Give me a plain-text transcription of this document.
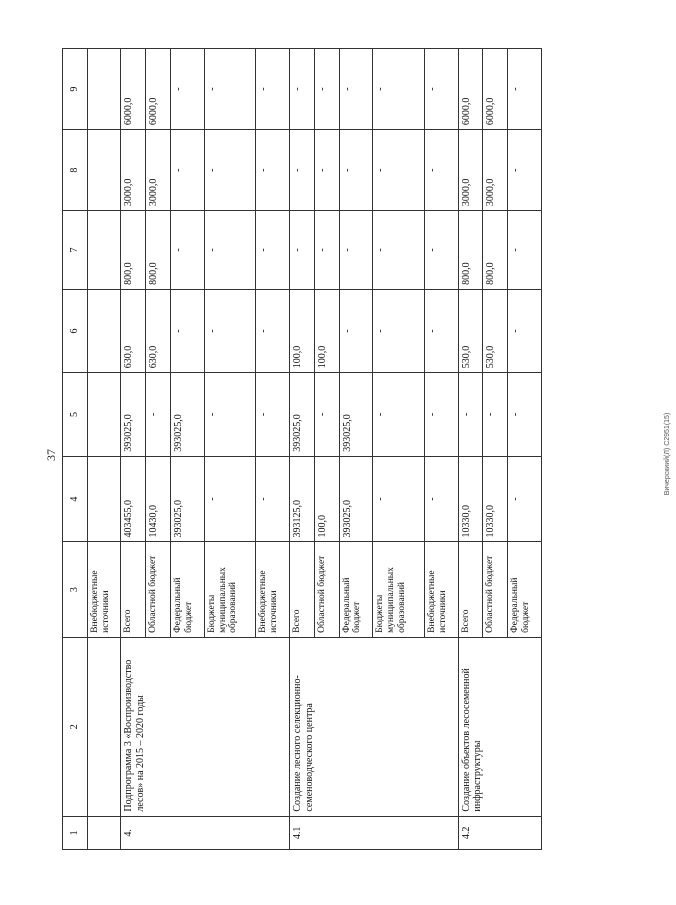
37	Вичерскиий(Л) С2951(15)
1	2	3	4	5	6	7	8	9
		Внебюджетные источники						
4.	Подпрограмма 3 «Воспроизводство лесов» на 2015 – 2020 годы	Всего	403455,0	393025,0	630,0	800,0	3000,0	6000,0
		Областной бюджет	10430,0	-	630,0	800,0	3000,0	6000,0
		Федеральный бюджет	393025,0	393025,0	-	-	-	-
		Бюджеты муниципальных образований	-	-	-	-	-	-
		Внебюджетные источники	-	-	-	-	-	-
4.1	Создание лесного селекционно-семеноводческого центра	Всего	393125,0	393025,0	100,0	-	-	-
		Областной бюджет	100,0	-	100,0	-	-	-
		Федеральный бюджет	393025,0	393025,0	-	-	-	-
		Бюджеты муниципальных образований	-	-	-	-	-	-
		Внебюджетные источники	-	-	-	-	-	-
4.2	Создание объектов лесосеменной инфраструктуры	Всего	10330,0	-	530,0	800,0	3000,0	6000,0
		Областной бюджет	10330,0	-	530,0	800,0	3000,0	6000,0
		Федеральный бюджет	-	-	-	-	-	-
